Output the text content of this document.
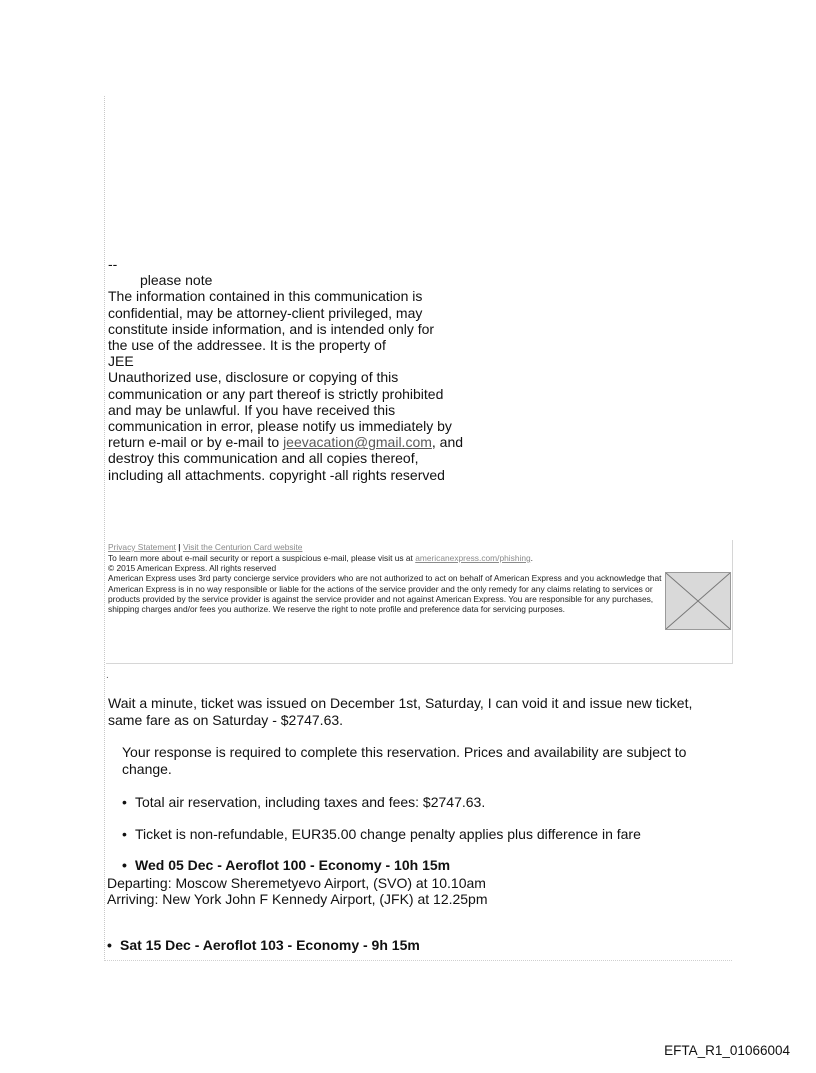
--

please note

The information contained in this communication is

confidential, may be attorney-client privileged, may

constitute inside information, and is intended only for

the use of the addressee. It is the property of

JEE

Unauthorized use, disclosure or copying of this

communication or any part thereof is strictly prohibited

and may be unlawful. If you have received this

communication in error, please notify us immediately by

return e-mail or by e-mail to jeevacation@gmail.com, and

destroy this communication and all copies thereof,

including all attachments. copyright -all rights reserved

Privacy Statement | Visit the Centurion Card website

To learn more about e-mail security or report a suspicious e-mail, please visit us at americanexpress.com/phishing.

© 2015 American Express. All rights reserved

American Express uses 3rd party concierge service providers who are not authorized to act on behalf of American Express and you acknowledge that American Express is in no way responsible or liable for the actions of the service provider and the only remedy for any claims relating to services or products provided by the service provider is against the service provider and not against American Express. You are responsible for any purchases, shipping charges and/or fees you authorize. We reserve the right to note profile and preference data for servicing purposes.

.

Wait a minute, ticket was issued on December 1st, Saturday, I can void it and issue new ticket, same fare as on Saturday - $2747.63.

Your response is required to complete this reservation. Prices and availability are subject to change.

• Total air reservation, including taxes and fees: $2747.63.
• Ticket is non-refundable, EUR35.00 change penalty applies plus difference in fare
• Wed 05 Dec - Aeroflot 100 - Economy - 10h 15m

Departing: Moscow Sheremetyevo Airport, (SVO) at 10.10am

Arriving: New York John F Kennedy Airport, (JFK) at 12.25pm

• Sat 15 Dec - Aeroflot 103 - Economy - 9h 15m
EFTA_R1_01066004
